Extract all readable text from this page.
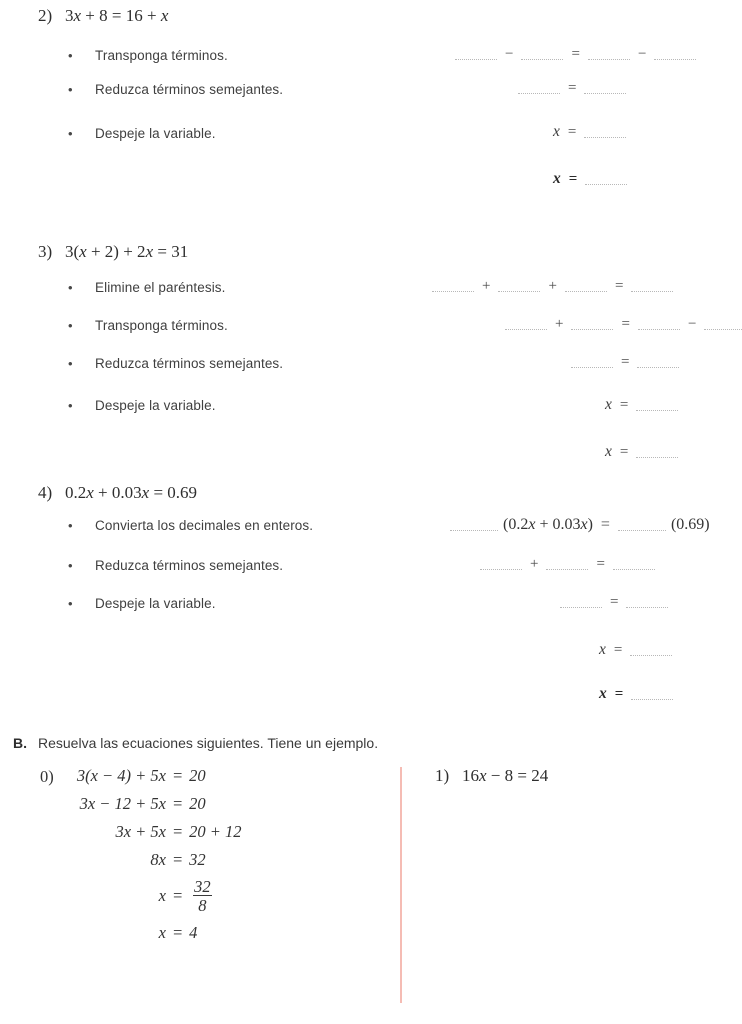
2) 3x + 8 = 16 + x
•	Transponga términos.	−	=	−
•	Reduzca términos semejantes.	=
•	Despeje la variable.	x =
x =
3) 3(x + 2) + 2x = 31
•	Elimine el paréntesis.	+	+	=
•	Transponga términos.	+	=	−
•	Reduzca términos semejantes.	=
•	Despeje la variable.	x =
x =
4) 0.2x + 0.03x = 0.69
•	Convierta los decimales en enteros.	(0.2x + 0.03x) =	(0.69)
•	Reduzca términos semejantes.	+	=
•	Despeje la variable.	=
x =
x =
B. Resuelva las ecuaciones siguientes. Tiene un ejemplo.
0) 3(x − 4) + 5x	=	20
3x − 12 + 5x	=	20
3x + 5x	=	20 + 12
8x	=	32
x	=	$\frac{32}{8}$

x	=	4
1) 16x − 8 = 24
